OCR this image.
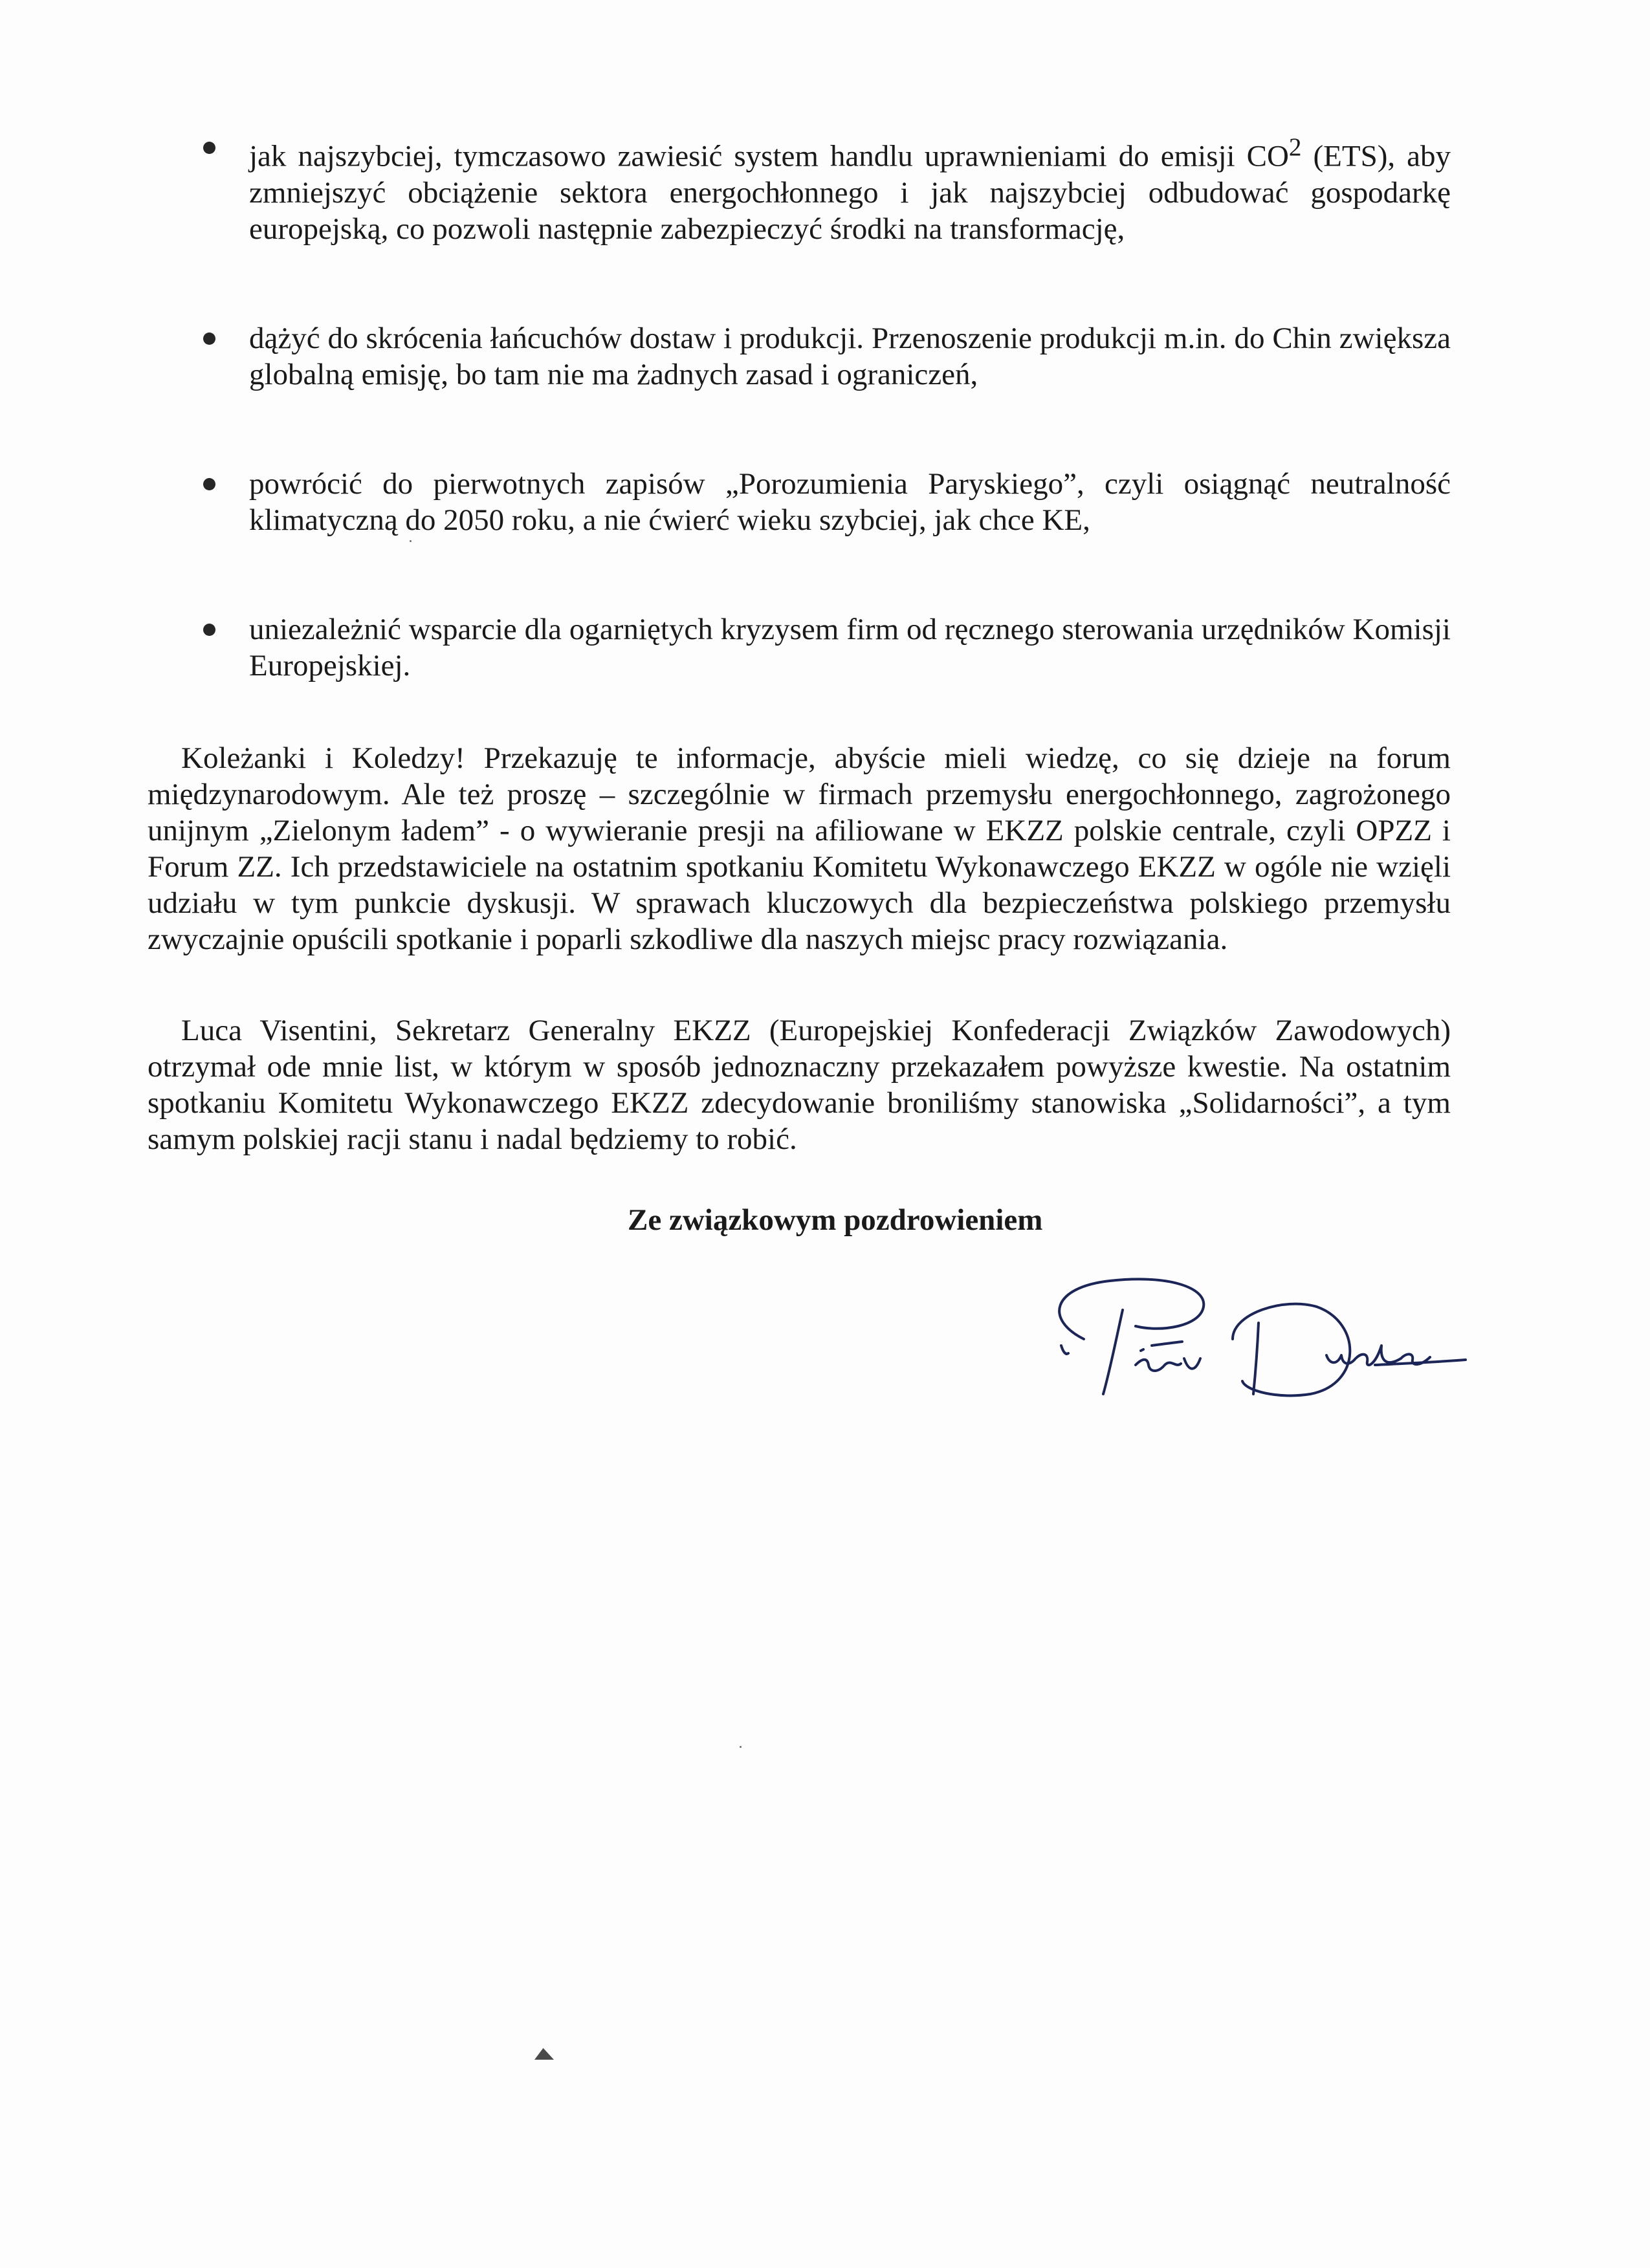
jak najszybciej, tymczasowo zawiesić system handlu uprawnieniami do emisji $CO^2$ (ETS), aby zmniejszyć obciążenie sektora energochłonnego i jak najszybciej odbudować gospodarkę europejską, co pozwoli następnie zabezpieczyć środki na transformację,
dążyć do skrócenia łańcuchów dostaw i produkcji. Przenoszenie produkcji m.in. do Chin zwiększa globalną emisję, bo tam nie ma żadnych zasad i ograniczeń,
powrócić do pierwotnych zapisów „Porozumienia Paryskiego”, czyli osiągnąć neutralność klimatyczną do 2050 roku, a nie ćwierć wieku szybciej, jak chce KE,
uniezależnić wsparcie dla ogarniętych kryzysem firm od ręcznego sterowania urzędników Komisji Europejskiej.

Koleżanki i Koledzy! Przekazuję te informacje, abyście mieli wiedzę, co się dzieje na forum międzynarodowym. Ale też proszę – szczególnie w firmach przemysłu energochłonnego, zagrożonego unijnym „Zielonym ładem” - o wywieranie presji na afiliowane w EKZZ polskie centrale, czyli OPZZ i Forum ZZ. Ich przedstawiciele na ostatnim spotkaniu Komitetu Wykonawczego EKZZ w ogóle nie wzięli udziału w tym punkcie dyskusji. W sprawach kluczowych dla bezpieczeństwa polskiego przemysłu zwyczajnie opuścili spotkanie i poparli szkodliwe dla naszych miejsc pracy rozwiązania.

Luca Visentini, Sekretarz Generalny EKZZ (Europejskiej Konfederacji Związków Zawodowych) otrzymał ode mnie list, w którym w sposób jednoznaczny przekazałem powyższe kwestie. Na ostatnim spotkaniu Komitetu Wykonawczego EKZZ zdecydowanie broniliśmy stanowiska „Solidarności”, a tym samym polskiej racji stanu i nadal będziemy to robić.

Ze związkowym pozdrowieniem
